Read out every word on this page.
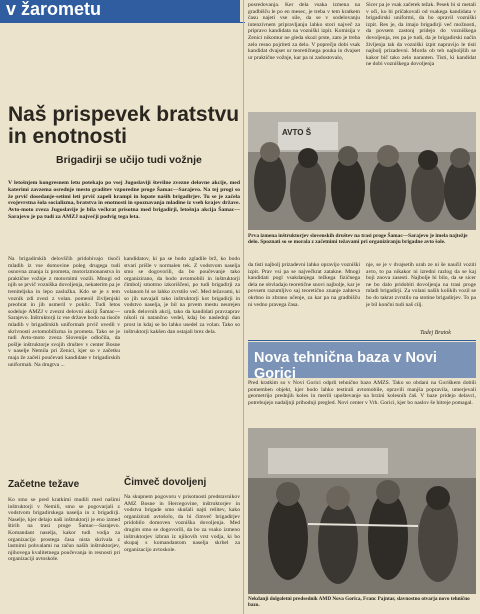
v žarometu
Naš prispevek bratstvu in enotnosti
Brigadirji se učijo tudi vožnje

V letošnjem kongresnem letu potekajo po vsej Jugoslaviji številne zvezne delovne akcije, med katerimi zavzema osrednje mesto graditev vzporedne proge Šamac—Sarajevo. Na tej progi so že prvič dosedanje-setimi leti prvič zapeli krampi in lopate naših brigadirjev. Tu se je začela svojevrstna šola socializma, bratstva in enotnosti in spoznavanja mladine iz vseh krajev države. Avto-moto zveza Jugoslavije je bila večkrat prisotna med brigadirji, letošnja akcija Šamac—Sarajevo je pa tudi za AMZJ največji podvig tega leta.

Na brigadirskih delovščih pridobivajo tisoči mladih iz vse domovine poleg drugega tudi osnovna znanja iz prometa, motorizmonanstva in praktične vožnje z motornimi vozili. Mnogi od njih se prvič vozniška dovoljenja, nekaterim pa je treniteljska in lepo zaslužka. Kdo se je s tem voznik zdi zvezi z volan. pomenil življenjski preobrat in jih usmeril v poklic. Tudi letos sodeluje AMZJ v zvezni delovni akciji Šamac—Sarajevo. Inštruktorji iz vse države bodo na tisoče mladih v brigadirskih uniformah prvič uvedli v skrivnosti avtomobilizma in prometa. Tako se je tudi Avto-moto zveza Slovenije odločila, da pošlje inštruktorje svojih društev v center Bosne v naselje Nemila pri Zenici, kjer so v začetku maja že začeli poučevati kandidate v brigadirskih uniformah. Na drugtva ...

Začetne težave

Ko smo se pred kratkimi mudili med našimi inštruktorji v Nemili, smo se pogovarjali z vodstvom brigadirskega naselja in z brigadirji. Naselje, kjer delajo naši inštruktorji je eno izmed štirih na trasi proge Šamac—Sarajevo. Komandant naselja, kakor tudi vodja za organizacijo prostega časa nista skrivala z lastnimi pohvalami na račun naših inštruktorjev, njihovega kvalitetnega poučevanja in resnosti pri organizaciji avtoskole.

kandidatov, ki pa se bodo zgladile brž, ko bodo stvari prišle v normalen tek. Z vodstvom naselja smo se dogovorili, da bo poučevanje tako organizirano, da bodo avtomobili in inštruktorji čimbolj smotrno izkoriščeni, po tudi brigadirji za volanom bi se lahko zvrstilo več. Med težavami, ki so jih navajali tako inštruktorji kot brigadirji in vodstvo naselja, je bil na prvem mestu neurejen urnik delovnih akcij, tako da kandidati pravzaprav nikoli ni natančno vedel, kdaj bo naslednji dan prost in kdaj se bo lahko usedel za volan. Tako so inštruktorji kakšen dan ostajali brez dela.

Čimveč dovoljenj

Na skupnem pogovoru v prisotnosti predstavnikov AMZ Bosne in Hercegovine, inštruktorjev in vodstva brigade smo skušali najti rešitev, kako organizirati avtošolo, da bi čimveč brigadirjev pridobilo domoven vozniška dovoljenja. Med drugim smo se dogovorili, da bo za vsako izmeno inštruktorjev izbran iz njihovih vrst vodja, ki bo skupaj s komandantom naselja skrbel za organizacijo avtoskole.

posredovanja. Ker dela vsaka izmena na gradbišču le po en mesec, je treba v tem kratkem času najeti vse sile, da se v sodelovanju intenzivnem pripravljanju lahko stori največ za pripravo kandidata na vozniški izpit. Komisija v Zenici nikomur ne gleda skozi prste, zato je treba zelo resno pojriteti za delo. V poprečju dobi vsak kandidat dvajset ur teoretičnega pouka in dvajset ur praktične vožnje, kar pa ni zadostovalo,

Sicer pa je vsak začetek težak. Pesek bi si metali v oči, ko bi pričakovali od vsakega kandidata v brigadirski uniformi, da bo opravil vozniški izpit. Res je, da imajo brigadirji več možnosti, da povsem zastonj pridejo do vozniškega dovoljenja, res pa je tudi, da je brigadirski način življenja tak da vozniški izpit napravijo le tisti najbolj prizadevni. Morda ob teh najboljših se kakor bič tako zelo naranten. Tisti, ki kandidat ne dobi vozniškega dovoljenja

AVTO Š

Prva izmena inštruktorjev slovenskih društev na trasi proge Šamac—Sarajevo je imela najtežje delo. Spoznati so se morala z začetnimi težavami pri organiziranju brigadne avto šole.

da tisti najbolj prizadevni lahko opravijo vozniški izpit. Prav vsi pa se največkrat zatakne. Mnogi kandidati pogl vsakdanjega težkega fizičnega dela ne obvladajo teoretične snovi najbolje, kar je povsem razumljivo saj teoretično znanje zahteva okrbno in zbrano učenje, za kar pa na gradbišču ni vedno pravega časa.

nje, se je v dvajsetih urah ze ni še naučil voziti avto, to pa nikakor ni izredni razlog da se kaj boji znova zasesti. Najbolje bi bilo, da se sicer ne bo dalo pridobiti dovoljenja na trasi proge mladi brigadirji. Za volani naših kolikih vozil se bo do takrat zvrstilo na stotine brigadirjev. To pa je bil končni tudi naš cilj.

Tadej Bratok
Nova tehnična baza v Novi Gorici

Pred kratkim so v Novi Gorici odprli tehnično bazo AMZS. Tako so obdani na Goriškem dobili pomemben objekt, kjer bodo lahko testirali avtomobile, opravili manjša popravila, umerjevali geometrijo prednjih koles in merili upoštevanje na brzini kolesnih čaš. V baze pridejo delavci, potrebujejo nadaljnji prihodnji pregled. Novi center v Vrh. Gorici, kjer bo naslov še hitreje pomagal.

Nekdanji dolgoletni predsednik AMD Nova Gorica, Franc Pajntar, slavnostno otvarja novo tehnično bazo.
